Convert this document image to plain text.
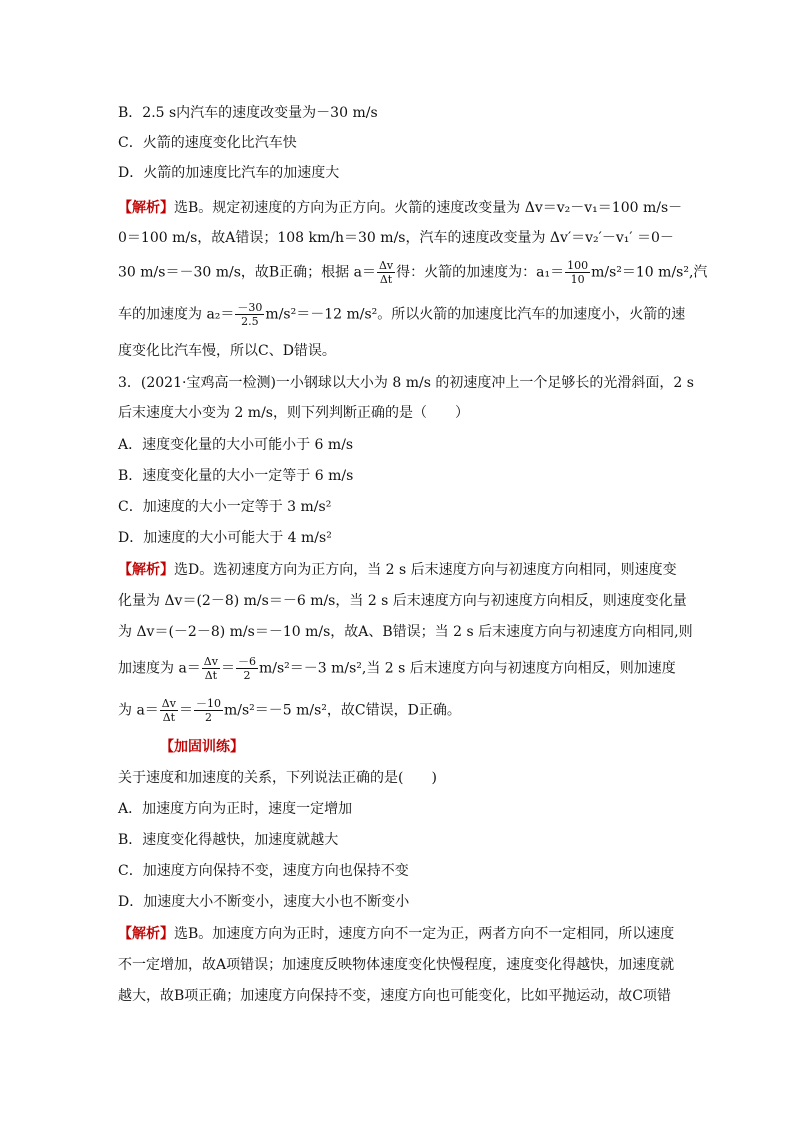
B．2.5 s内汽车的速度改变量为－30 m/s
C．火箭的速度变化比汽车快
D．火箭的加速度比汽车的加速度大
【解析】选B。规定初速度的方向为正方向。火箭的速度改变量为 Δv＝v₂－v₁＝100 m/s－
0＝100 m/s，故A错误；108 km/h＝30 m/s，汽车的速度改变量为 Δv′＝v₂′－v₁′ ＝0－
30 m/s＝－30 m/s，故B正确；根据 $a= \frac{\Delta v}{\Delta t}$ 得：火箭的加速度为：$a_1= \frac{100}{10} m/s^2=10$ m/s²,汽
车的加速度为 $a_2= \frac{-30}{2.5} m/s^2=-12$ m/s²。所以火箭的加速度比汽车的加速度小，火箭的速
度变化比汽车慢，所以C、D错误。
3．(2021·宝鸡高一检测)一小钢球以大小为 8 m/s 的初速度冲上一个足够长的光滑斜面，2 s
后末速度大小变为 2 m/s，则下列判断正确的是（　　）
A．速度变化量的大小可能小于 6 m/s
B．速度变化量的大小一定等于 6 m/s
C．加速度的大小一定等于 3 m/s²
D．加速度的大小可能大于 4 m/s²
【解析】选D。选初速度方向为正方向，当 2 s 后末速度方向与初速度方向相同，则速度变
化量为 Δv＝(2－8) m/s＝－6 m/s，当 2 s 后末速度方向与初速度方向相反，则速度变化量
为 Δv＝(－2－8) m/s＝－10 m/s，故A、B错误；当 2 s 后末速度方向与初速度方向相同,则
加速度为 $a= \frac{\Delta v}{\Delta t} = \frac{-6}{2} m/s^2=-3$ m/s²,当 2 s 后末速度方向与初速度方向相反，则加速度
为 $a= \frac{\Delta v}{\Delta t} = \frac{-10}{2} m/s^2=-5$ m/s²，故C错误，D正确。
【加固训练】
关于速度和加速度的关系，下列说法正确的是(　　)
A．加速度方向为正时，速度一定增加
B．速度变化得越快，加速度就越大
C．加速度方向保持不变，速度方向也保持不变
D．加速度大小不断变小，速度大小也不断变小
【解析】选B。加速度方向为正时，速度方向不一定为正，两者方向不一定相同，所以速度
不一定增加，故A项错误；加速度反映物体速度变化快慢程度，速度变化得越快，加速度就
越大，故B项正确；加速度方向保持不变，速度方向也可能变化，比如平抛运动，故C项错
